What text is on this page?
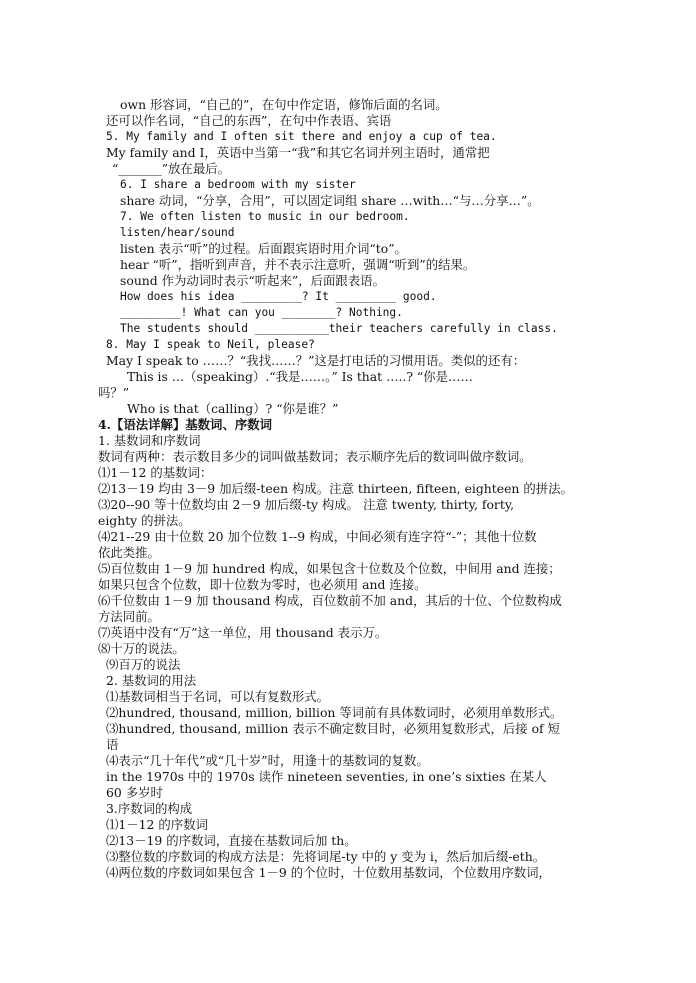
own 形容词，“自己的”，在句中作定语，修饰后面的名词。
还可以作名词，“自己的东西”，在句中作表语、宾语
5. My family and I often sit there and enjoy a cup of tea.
My family and I，英语中当第一“我”和其它名词并列主语时，通常把
“_______”放在最后。
6. I share a bedroom with my sister
share 动词，“分享，合用”，可以固定词组 share …with…“与…分享…”。
7. We often listen to music in our bedroom.
listen/hear/sound
listen 表示“听”的过程。后面跟宾语时用介词“to”。
hear “听”，指听到声音，并不表示注意听，强调“听到”的结果。
sound 作为动词时表示“听起来”，后面跟表语。
How does his idea _________? It _________ good.
_________! What can you ________? Nothing.
The students should ___________their teachers carefully in class.
8. May I speak to Neil, please?
May I speak to ……？“我找……？”这是打电话的习惯用语。类似的还有：
This is …（speaking）.“我是……。” Is that …..? “你是……
吗？”
Who is that（calling）? “你是谁？”
4.【语法详解】基数词、序数词
1. 基数词和序数词
数词有两种：表示数目多少的词叫做基数词；表示顺序先后的数词叫做序数词。
⑴1－12 的基数词：
⑵13－19 均由 3－9 加后缀-teen 构成。注意 thirteen, fifteen, eighteen 的拼法。
⑶20--90 等十位数均由 2－9 加后缀-ty 构成。 注意 twenty, thirty, forty,
eighty 的拼法。
⑷21--29 由十位数 20 加个位数 1--9 构成，中间必须有连字符“-”；其他十位数
依此类推。
⑸百位数由 1－9 加 hundred 构成，如果包含十位数及个位数，中间用 and 连接；
如果只包含个位数，即十位数为零时，也必须用 and 连接。
⑹千位数由 1－9 加 thousand 构成，百位数前不加 and，其后的十位、个位数构成
方法同前。
⑺英语中没有“万”这一单位，用 thousand 表示万。
⑻十万的说法。
⑼百万的说法
2. 基数词的用法
⑴基数词相当于名词，可以有复数形式。
⑵hundred, thousand, million, billion 等词前有具体数词时，必须用单数形式。
⑶hundred, thousand, million 表示不确定数目时，必须用复数形式，后接 of 短
语
⑷表示“几十年代”或“几十岁”时，用逢十的基数词的复数。
in the 1970s 中的 1970s 读作 nineteen seventies, in one’s sixties 在某人
60 多岁时
3.序数词的构成
⑴1－12 的序数词
⑵13－19 的序数词，直接在基数词后加 th。
⑶整位数的序数词的构成方法是：先将词尾-ty 中的 y 变为 i，然后加后缀-eth。
⑷两位数的序数词如果包含 1－9 的个位时，十位数用基数词，个位数用序数词，
